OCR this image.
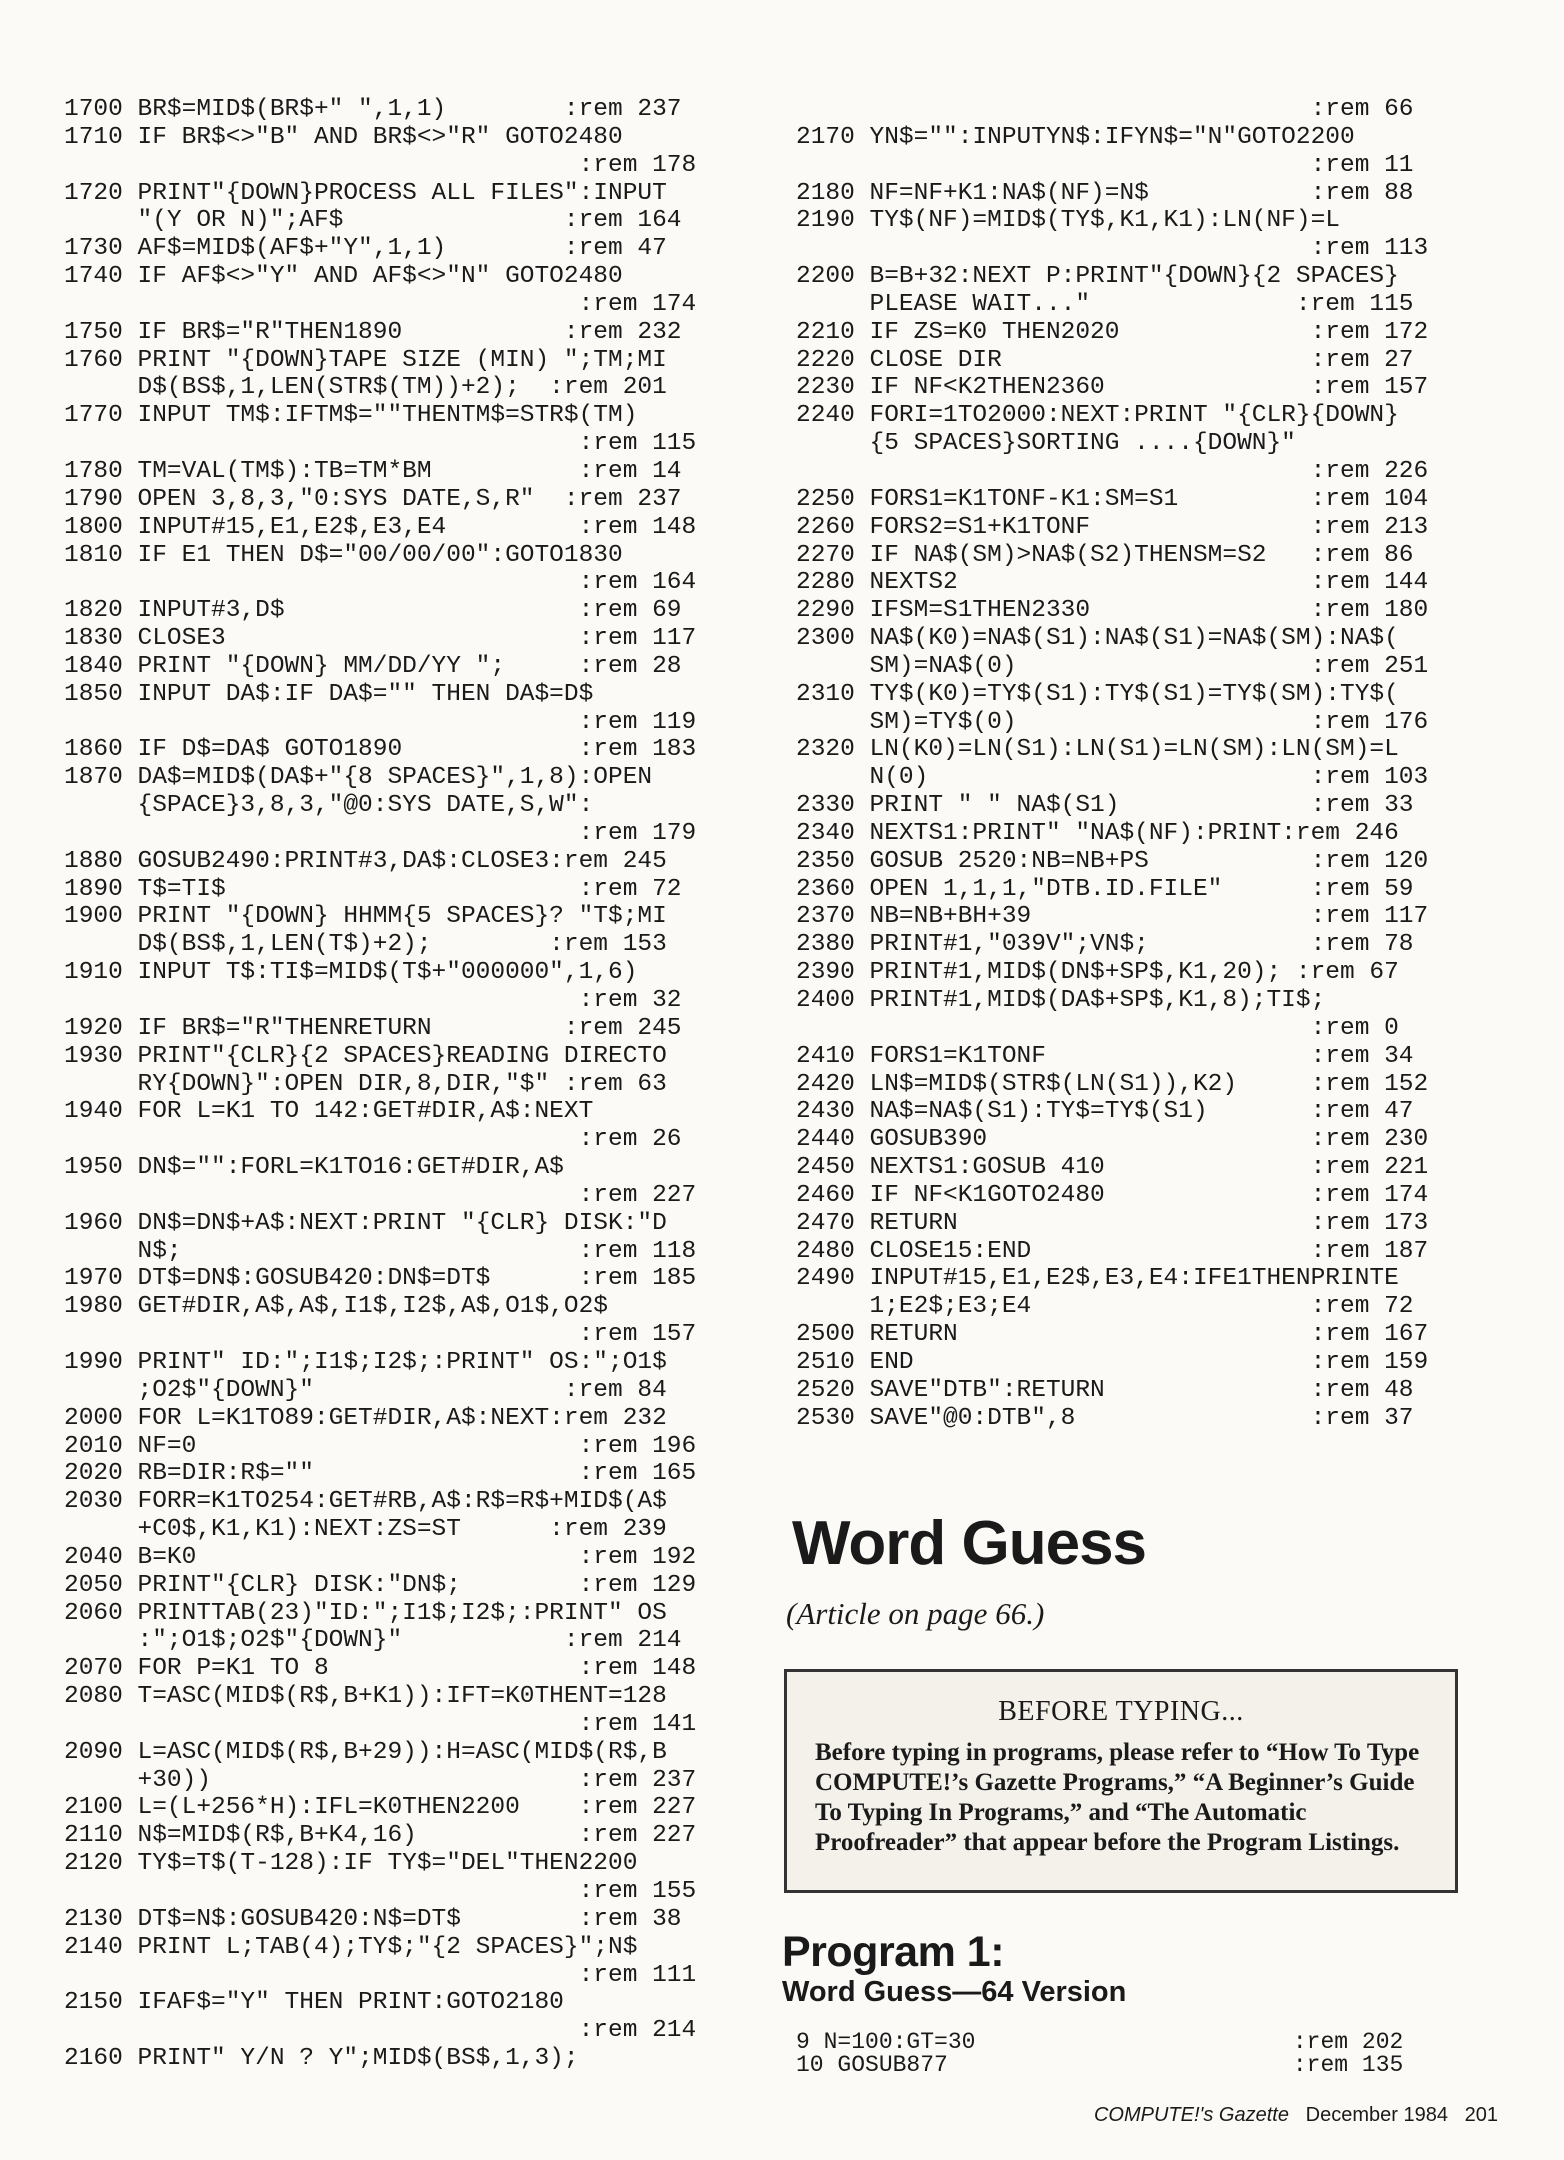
1700 BR$=MID$(BR$+" ",1,1)        :rem 237
1710 IF BR$<>"B" AND BR$<>"R" GOTO2480
:rem 178
1720 PRINT"{DOWN}PROCESS ALL FILES":INPUT
"(Y OR N)";AF$               :rem 164
1730 AF$=MID$(AF$+"Y",1,1)        :rem 47
1740 IF AF$<>"Y" AND AF$<>"N" GOTO2480
:rem 174
1750 IF BR$="R"THEN1890           :rem 232
1760 PRINT "{DOWN}TAPE SIZE (MIN) ";TM;MI
D$(BS$,1,LEN(STR$(TM))+2);  :rem 201
1770 INPUT TM$:IFTM$=""THENTM$=STR$(TM)
:rem 115
1780 TM=VAL(TM$):TB=TM*BM          :rem 14
1790 OPEN 3,8,3,"0:SYS DATE,S,R"  :rem 237
1800 INPUT#15,E1,E2$,E3,E4         :rem 148
1810 IF E1 THEN D$="00/00/00":GOTO1830
:rem 164
1820 INPUT#3,D$                    :rem 69
1830 CLOSE3                        :rem 117
1840 PRINT "{DOWN} MM/DD/YY ";     :rem 28
1850 INPUT DA$:IF DA$="" THEN DA$=D$
:rem 119
1860 IF D$=DA$ GOTO1890            :rem 183
1870 DA$=MID$(DA$+"{8 SPACES}",1,8):OPEN
{SPACE}3,8,3,"@0:SYS DATE,S,W":
:rem 179
1880 GOSUB2490:PRINT#3,DA$:CLOSE3:rem 245
1890 T$=TI$                        :rem 72
1900 PRINT "{DOWN} HHMM{5 SPACES}? "T$;MI
D$(BS$,1,LEN(T$)+2);        :rem 153
1910 INPUT T$:TI$=MID$(T$+"000000",1,6)
:rem 32
1920 IF BR$="R"THENRETURN         :rem 245
1930 PRINT"{CLR}{2 SPACES}READING DIRECTO
RY{DOWN}":OPEN DIR,8,DIR,"$" :rem 63
1940 FOR L=K1 TO 142:GET#DIR,A$:NEXT
:rem 26
1950 DN$="":FORL=K1TO16:GET#DIR,A$
:rem 227
1960 DN$=DN$+A$:NEXT:PRINT "{CLR} DISK:"D
N$;                           :rem 118
1970 DT$=DN$:GOSUB420:DN$=DT$      :rem 185
1980 GET#DIR,A$,A$,I1$,I2$,A$,O1$,O2$
:rem 157
1990 PRINT" ID:";I1$;I2$;:PRINT" OS:";O1$
;O2$"{DOWN}"                 :rem 84
2000 FOR L=K1TO89:GET#DIR,A$:NEXT:rem 232
2010 NF=0                          :rem 196
2020 RB=DIR:R$=""                  :rem 165
2030 FORR=K1TO254:GET#RB,A$:R$=R$+MID$(A$
+C0$,K1,K1):NEXT:ZS=ST      :rem 239
2040 B=K0                          :rem 192
2050 PRINT"{CLR} DISK:"DN$;        :rem 129
2060 PRINTTAB(23)"ID:";I1$;I2$;:PRINT" OS
:";O1$;O2$"{DOWN}"           :rem 214
2070 FOR P=K1 TO 8                 :rem 148
2080 T=ASC(MID$(R$,B+K1)):IFT=K0THENT=128
:rem 141
2090 L=ASC(MID$(R$,B+29)):H=ASC(MID$(R$,B
+30))                         :rem 237
2100 L=(L+256*H):IFL=K0THEN2200    :rem 227
2110 N$=MID$(R$,B+K4,16)           :rem 227
2120 TY$=T$(T-128):IF TY$="DEL"THEN2200
:rem 155
2130 DT$=N$:GOSUB420:N$=DT$        :rem 38
2140 PRINT L;TAB(4);TY$;"{2 SPACES}";N$
:rem 111
2150 IFAF$="Y" THEN PRINT:GOTO2180
:rem 214
2160 PRINT" Y/N ? Y";MID$(BS$,1,3);
:rem 66
2170 YN$="":INPUTYN$:IFYN$="N"GOTO2200
:rem 11
2180 NF=NF+K1:NA$(NF)=N$           :rem 88
2190 TY$(NF)=MID$(TY$,K1,K1):LN(NF)=L
:rem 113
2200 B=B+32:NEXT P:PRINT"{DOWN}{2 SPACES}
PLEASE WAIT..."              :rem 115
2210 IF ZS=K0 THEN2020             :rem 172
2220 CLOSE DIR                     :rem 27
2230 IF NF<K2THEN2360              :rem 157
2240 FORI=1TO2000:NEXT:PRINT "{CLR}{DOWN}
{5 SPACES}SORTING ....{DOWN}"
:rem 226
2250 FORS1=K1TONF-K1:SM=S1         :rem 104
2260 FORS2=S1+K1TONF               :rem 213
2270 IF NA$(SM)>NA$(S2)THENSM=S2   :rem 86
2280 NEXTS2                        :rem 144
2290 IFSM=S1THEN2330               :rem 180
2300 NA$(K0)=NA$(S1):NA$(S1)=NA$(SM):NA$(
SM)=NA$(0)                    :rem 251
2310 TY$(K0)=TY$(S1):TY$(S1)=TY$(SM):TY$(
SM)=TY$(0)                    :rem 176
2320 LN(K0)=LN(S1):LN(S1)=LN(SM):LN(SM)=L
N(0)                          :rem 103
2330 PRINT " " NA$(S1)             :rem 33
2340 NEXTS1:PRINT" "NA$(NF):PRINT:rem 246
2350 GOSUB 2520:NB=NB+PS           :rem 120
2360 OPEN 1,1,1,"DTB.ID.FILE"      :rem 59
2370 NB=NB+BH+39                   :rem 117
2380 PRINT#1,"039V";VN$;           :rem 78
2390 PRINT#1,MID$(DN$+SP$,K1,20); :rem 67
2400 PRINT#1,MID$(DA$+SP$,K1,8);TI$;
:rem 0
2410 FORS1=K1TONF                  :rem 34
2420 LN$=MID$(STR$(LN(S1)),K2)     :rem 152
2430 NA$=NA$(S1):TY$=TY$(S1)       :rem 47
2440 GOSUB390                      :rem 230
2450 NEXTS1:GOSUB 410              :rem 221
2460 IF NF<K1GOTO2480              :rem 174
2470 RETURN                        :rem 173
2480 CLOSE15:END                   :rem 187
2490 INPUT#15,E1,E2$,E3,E4:IFE1THENPRINTE
1;E2$;E3;E4                   :rem 72
2500 RETURN                        :rem 167
2510 END                           :rem 159
2520 SAVE"DTB":RETURN              :rem 48
2530 SAVE"@0:DTB",8                :rem 37
Word Guess

(Article on page 66.)

BEFORE TYPING...
Before typing in programs, please refer to “How To Type COMPUTE!’s Gazette Programs,” “A Beginner’s Guide To Typing In Programs,” and “The Automatic Proofreader” that appear before the Program Listings.
Program 1:
Word Guess—64 Version
9 N=100:GT=30                       :rem 202
10 GOSUB877                         :rem 135
COMPUTE!'s Gazette December 1984 201
